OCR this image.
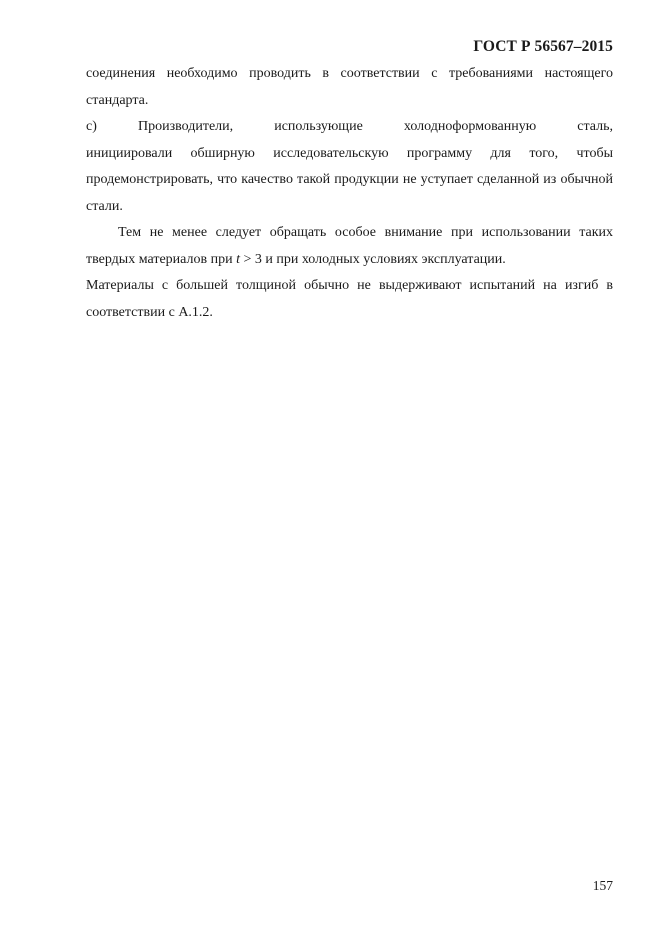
ГОСТ Р 56567–2015

соединения необходимо проводить в соответствии с требованиями настоящего стандарта.

c)	Производители,	использующие	холодноформованную	сталь,

инициировали обширную исследовательскую программу для того, чтобы продемонстрировать, что качество такой продукции не уступает сделанной из обычной стали.

Тем не менее следует обращать особое внимание при использовании таких твердых материалов при t > 3 и при холодных условиях эксплуатации.

Материалы с большей толщиной обычно не выдерживают испытаний на изгиб в соответствии с А.1.2.

157
